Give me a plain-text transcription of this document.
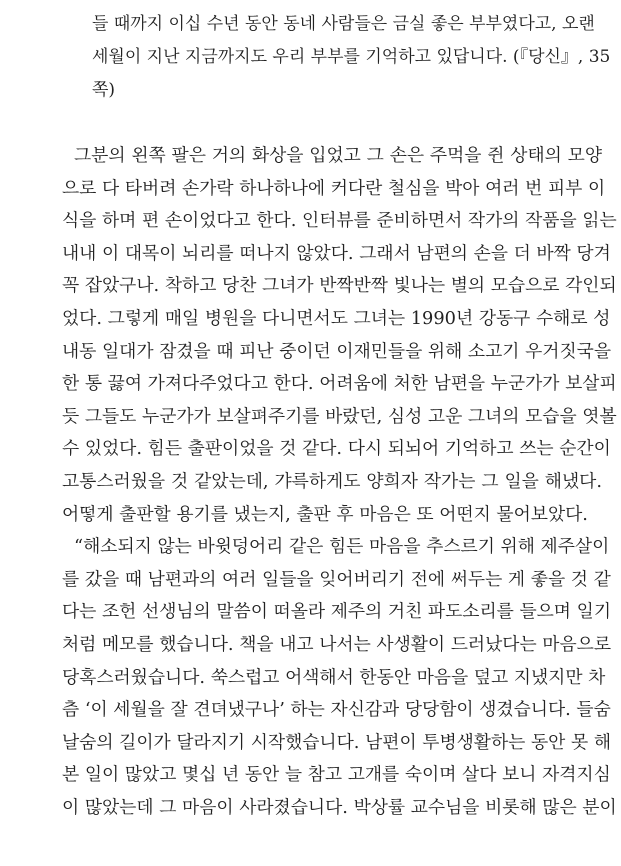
들 때까지 이십 수년 동안 동네 사람들은 금실 좋은 부부였다고, 오랜
세월이 지난 지금까지도 우리 부부를 기억하고 있답니다. (『당신』, 35
쪽)
그분의 왼쪽 팔은 거의 화상을 입었고 그 손은 주먹을 쥔 상태의 모양
으로 다 타버려 손가락 하나하나에 커다란 철심을 박아 여러 번 피부 이
식을 하며 편 손이었다고 한다. 인터뷰를 준비하면서 작가의 작품을 읽는
내내 이 대목이 뇌리를 떠나지 않았다. 그래서 남편의 손을 더 바짝 당겨
꼭 잡았구나. 착하고 당찬 그녀가 반짝반짝 빛나는 별의 모습으로 각인되
었다. 그렇게 매일 병원을 다니면서도 그녀는 1990년 강동구 수해로 성
내동 일대가 잠겼을 때 피난 중이던 이재민들을 위해 소고기 우거짓국을
한 통 끓여 가져다주었다고 한다. 어려움에 처한 남편을 누군가가 보살피
듯 그들도 누군가가 보살펴주기를 바랐던, 심성 고운 그녀의 모습을 엿볼
수 있었다. 힘든 출판이었을 것 같다. 다시 되뇌어 기억하고 쓰는 순간이
고통스러웠을 것 같았는데, 갸륵하게도 양희자 작가는 그 일을 해냈다.
어떻게 출판할 용기를 냈는지, 출판 후 마음은 또 어떤지 물어보았다.
“해소되지 않는 바윗덩어리 같은 힘든 마음을 추스르기 위해 제주살이
를 갔을 때 남편과의 여러 일들을 잊어버리기 전에 써두는 게 좋을 것 같
다는 조헌 선생님의 말씀이 떠올라 제주의 거친 파도소리를 들으며 일기
처럼 메모를 했습니다. 책을 내고 나서는 사생활이 드러났다는 마음으로
당혹스러웠습니다. 쑥스럽고 어색해서 한동안 마음을 덮고 지냈지만 차
츰 ‘이 세월을 잘 견뎌냈구나’ 하는 자신감과 당당함이 생겼습니다. 들숨
날숨의 길이가 달라지기 시작했습니다. 남편이 투병생활하는 동안 못 해
본 일이 많았고 몇십 년 동안 늘 참고 고개를 숙이며 살다 보니 자격지심
이 많았는데 그 마음이 사라졌습니다. 박상률 교수님을 비롯해 많은 분이
